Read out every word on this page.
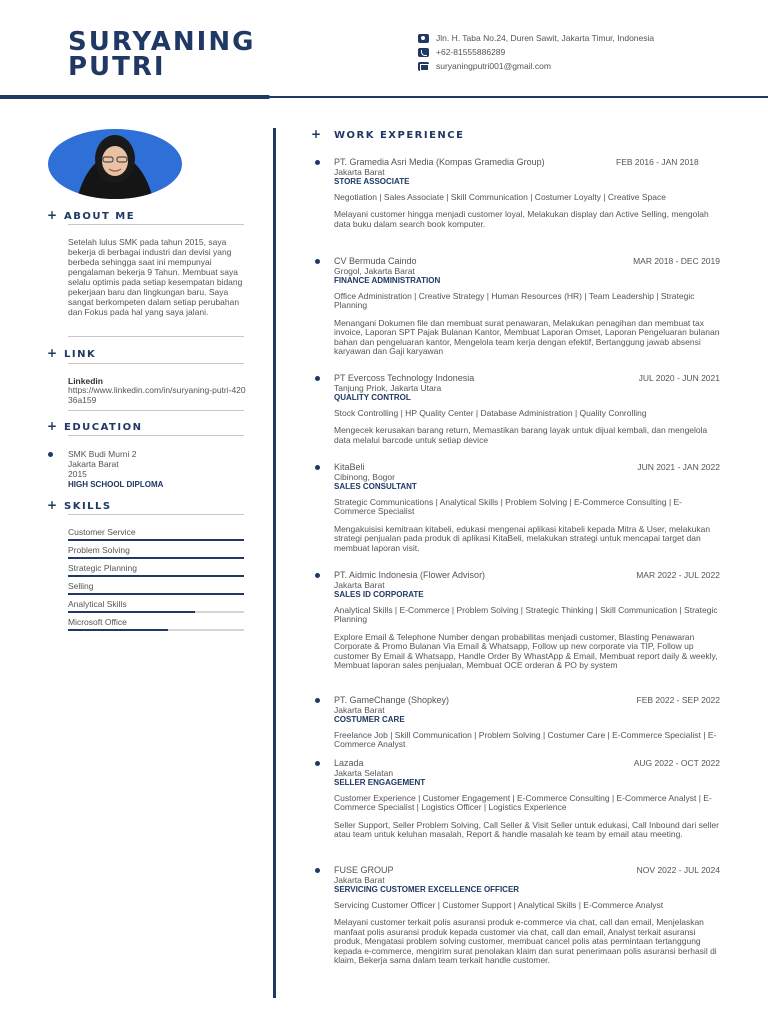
SURYANING
PUTRI
Jln. H. Taba No.24, Duren Sawit, Jakarta Timur, Indonesia
+62-81555886289
suryaningputri001@gmail.com
+ ABOUT ME
Setelah lulus SMK pada tahun 2015, saya bekerja di berbagai industri dan devisi yang berbeda sehingga saat ini mempunyai pengalaman bekerja 9 Tahun. Membuat saya selalu optimis pada setiap kesempatan bidang pekerjaan baru dan lingkungan baru. Saya sangat berkompeten dalam setiap perubahan dan Fokus pada hal yang saya jalani.
+ LINK
Linkedin
https://www.linkedin.com/in/suryaning-putri-42036a159
+ EDUCATION
SMK Budi Murni 2
Jakarta Barat
2015
HIGH SCHOOL DIPLOMA
+ SKILLS
Customer Service
Problem Solving
Strategic Planning
Selling
Analytical Skills
Microsoft Office
+ WORK EXPERIENCE
PT. Gramedia Asri Media (Kompas Gramedia Group)	FEB 2016 - JAN 2018
Jakarta Barat
STORE ASSOCIATE
Negotiation | Sales Associate | Skill Communication | Costumer Loyalty | Creative Space
Melayani customer hingga menjadi customer loyal, Melakukan display dan Active Selling, mengolah data buku dalam search book komputer.
CV Bermuda Caindo	MAR 2018 - DEC 2019
Grogol, Jakarta Barat
FINANCE ADMINISTRATION
Office Administration | Creative Strategy | Human Resources (HR) | Team Leadership | Strategic Planning
Menangani Dokumen file dan membuat surat penawaran, Melakukan penagihan dan membuat tax invoice, Laporan SPT Pajak Bulanan Kantor, Membuat Laporan Omset, Laporan Pengeluaran bulanan bahan dan pengeluaran kantor, Mengelola team kerja dengan efektif, Bertanggung jawab absensi karyawan dan Gaji karyawan
PT Evercoss Technology Indonesia	JUL 2020 - JUN 2021
Tanjung Priok, Jakarta Utara
QUALITY CONTROL
Stock Controlling | HP Quality Center | Database Administration | Quality Conrolling
Mengecek kerusakan barang return, Memastikan barang layak untuk dijual kembali, dan mengelola data melalui barcode untuk setiap device
KitaBeli	JUN 2021 - JAN 2022
Cibinong, Bogor
SALES CONSULTANT
Strategic Communications | Analytical Skills | Problem Solving | E-Commerce Consulting | E-Commerce Specialist
Mengakuisisi kemitraan kitabeli, edukasi mengenai aplikasi kitabeli kepada Mitra & User, melakukan strategi penjualan pada produk di aplikasi KitaBeli, melakukan strategi untuk mencapai target dan membuat laporan visit.
PT. Aidmic Indonesia (Flower Advisor)	MAR 2022 - JUL 2022
Jakarta Barat
SALES ID CORPORATE
Analytical Skills | E-Commerce | Problem Solving | Strategic Thinking | Skill Communication | Strategic Planning
Explore Email & Telephone Number dengan probabilitas menjadi customer, Blasting Penawaran Corporate & Promo Bulanan Via Email & Whatsapp, Follow up new corporate via TIP, Follow up customer By Email & Whatsapp, Handle Order By WhastApp & Email, Membuat report daily & weekly, Membuat laporan sales penjualan, Membuat OCE orderan & PO by system
PT. GameChange (Shopkey)	FEB 2022 - SEP 2022
Jakarta Barat
COSTUMER CARE
Freelance Job | Skill Communication | Problem Solving | Costumer Care | E-Commerce Specialist | E-Commerce Analyst
Lazada	AUG 2022 - OCT 2022
Jakarta Selatan
SELLER ENGAGEMENT
Customer Experience | Customer Engagement | E-Commerce Consulting | E-Commerce Analyst | E-Commerce Specialist | Logistics Officer | Logistics Experience
Seller Support, Seller Problem Solving, Call Seller & Visit Seller untuk edukasi, Call Inbound dari seller atau team untuk keluhan masalah, Report & handle masalah ke team by email atau meeting.
FUSE GROUP	NOV 2022 - JUL 2024
Jakarta Barat
SERVICING CUSTOMER EXCELLENCE OFFICER
Servicing Customer Officer | Customer Support | Analytical Skills | E-Commerce Analyst
Melayani customer terkait polis asuransi produk e-commerce via chat, call dan email, Menjelaskan manfaat polis asuransi produk kepada customer via chat, call dan email, Analyst terkait asuransi produk, Mengatasi problem solving customer, membuat cancel polis atas permintaan tertanggung kepada e-commerce, mengirim surat penolakan klaim dan surat penerimaan polis asuransi berhasil di klaim, Bekerja sama dalam team terkait handle customer.
